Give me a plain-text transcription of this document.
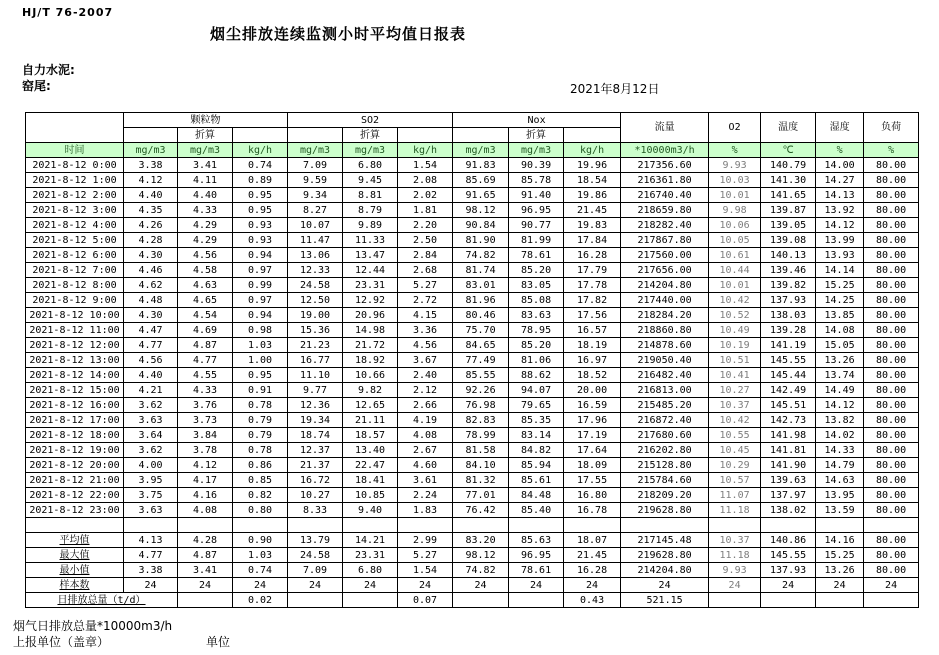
HJ/T 76-2007
烟尘排放连续监测小时平均值日报表
自力水泥:
窑尾:	2021年8月12日
	颗粒物			SO2			Nox			流量	O2	温度	湿度	负荷
		折算			折算			折算						
时间	mg/m3	mg/m3	kg/h	mg/m3	mg/m3	kg/h	mg/m3	mg/m3	kg/h	*10000m3/h	%	℃	%	%
2021-8-12 0:00	3.38	3.41	0.74	7.09	6.80	1.54	91.83	90.39	19.96	217356.60	9.93	140.79	14.00	80.00
2021-8-12 1:00	4.12	4.11	0.89	9.59	9.45	2.08	85.69	85.78	18.54	216361.80	10.03	141.30	14.27	80.00
2021-8-12 2:00	4.40	4.40	0.95	9.34	8.81	2.02	91.65	91.40	19.86	216740.40	10.01	141.65	14.13	80.00
2021-8-12 3:00	4.35	4.33	0.95	8.27	8.79	1.81	98.12	96.95	21.45	218659.80	9.98	139.87	13.92	80.00
2021-8-12 4:00	4.26	4.29	0.93	10.07	9.89	2.20	90.84	90.77	19.83	218282.40	10.06	139.05	14.12	80.00
2021-8-12 5:00	4.28	4.29	0.93	11.47	11.33	2.50	81.90	81.99	17.84	217867.80	10.05	139.08	13.99	80.00
2021-8-12 6:00	4.30	4.56	0.94	13.06	13.47	2.84	74.82	78.61	16.28	217560.00	10.61	140.13	13.93	80.00
2021-8-12 7:00	4.46	4.58	0.97	12.33	12.44	2.68	81.74	85.20	17.79	217656.00	10.44	139.46	14.14	80.00
2021-8-12 8:00	4.62	4.63	0.99	24.58	23.31	5.27	83.01	83.05	17.78	214204.80	10.01	139.82	15.25	80.00
2021-8-12 9:00	4.48	4.65	0.97	12.50	12.92	2.72	81.96	85.08	17.82	217440.00	10.42	137.93	14.25	80.00
2021-8-12 10:00	4.30	4.54	0.94	19.00	20.96	4.15	80.46	83.63	17.56	218284.20	10.52	138.03	13.85	80.00
2021-8-12 11:00	4.47	4.69	0.98	15.36	14.98	3.36	75.70	78.95	16.57	218860.80	10.49	139.28	14.08	80.00
2021-8-12 12:00	4.77	4.87	1.03	21.23	21.72	4.56	84.65	85.20	18.19	214878.60	10.19	141.19	15.05	80.00
2021-8-12 13:00	4.56	4.77	1.00	16.77	18.92	3.67	77.49	81.06	16.97	219050.40	10.51	145.55	13.26	80.00
2021-8-12 14:00	4.40	4.55	0.95	11.10	10.66	2.40	85.55	88.62	18.52	216482.40	10.41	145.44	13.74	80.00
2021-8-12 15:00	4.21	4.33	0.91	9.77	9.82	2.12	92.26	94.07	20.00	216813.00	10.27	142.49	14.49	80.00
2021-8-12 16:00	3.62	3.76	0.78	12.36	12.65	2.66	76.98	79.65	16.59	215485.20	10.37	145.51	14.12	80.00
2021-8-12 17:00	3.63	3.73	0.79	19.34	21.11	4.19	82.83	85.35	17.96	216872.40	10.42	142.73	13.82	80.00
2021-8-12 18:00	3.64	3.84	0.79	18.74	18.57	4.08	78.99	83.14	17.19	217680.60	10.55	141.98	14.02	80.00
2021-8-12 19:00	3.62	3.78	0.78	12.37	13.40	2.67	81.58	84.82	17.64	216202.80	10.45	141.81	14.33	80.00
2021-8-12 20:00	4.00	4.12	0.86	21.37	22.47	4.60	84.10	85.94	18.09	215128.80	10.29	141.90	14.79	80.00
2021-8-12 21:00	3.95	4.17	0.85	16.72	18.41	3.61	81.32	85.61	17.55	215784.60	10.57	139.63	14.63	80.00
2021-8-12 22:00	3.75	4.16	0.82	10.27	10.85	2.24	77.01	84.48	16.80	218209.20	11.07	137.97	13.95	80.00
2021-8-12 23:00	3.63	4.08	0.80	8.33	9.40	1.83	76.42	85.40	16.78	219628.80	11.18	138.02	13.59	80.00

平均值	4.13	4.28	0.90	13.79	14.21	2.99	83.20	85.63	18.07	217145.48	10.37	140.86	14.16	80.00
最大值	4.77	4.87	1.03	24.58	23.31	5.27	98.12	96.95	21.45	219628.80	11.18	145.55	15.25	80.00
最小值	3.38	3.41	0.74	7.09	6.80	1.54	74.82	78.61	16.28	214204.80	9.93	137.93	13.26	80.00
样本数	24	24	24	24	24	24	24	24	24	24	24	24	24	24
日排放总量（t/d）			0.02			0.07			0.43	521.15				
烟气日排放总量*10000m3/h
上报单位（盖章）	单位
